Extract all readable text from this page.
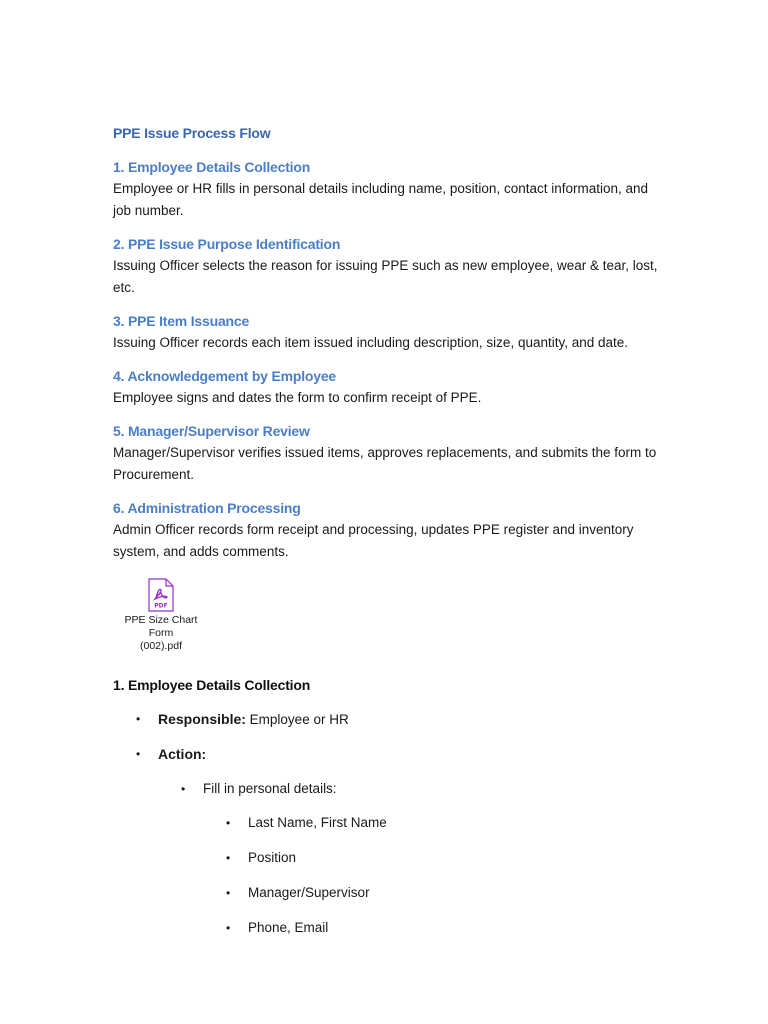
PPE Issue Process Flow
1. Employee Details Collection

Employee or HR fills in personal details including name, position, contact information, and job number.

2. PPE Issue Purpose Identification

Issuing Officer selects the reason for issuing PPE such as new employee, wear & tear, lost, etc.

3. PPE Item Issuance

Issuing Officer records each item issued including description, size, quantity, and date.

4. Acknowledgement by Employee

Employee signs and dates the form to confirm receipt of PPE.

5. Manager/Supervisor Review

Manager/Supervisor verifies issued items, approves replacements, and submits the form to Procurement.

6. Administration Processing

Admin Officer records form receipt and processing, updates PPE register and inventory system, and adds comments.

PDF
PPE Size Chart Form
(002).pdf
1. Employee Details Collection
• Responsible: Employee or HR
• Action:
• Fill in personal details:
• Last Name, First Name
• Position
• Manager/Supervisor
• Phone, Email
